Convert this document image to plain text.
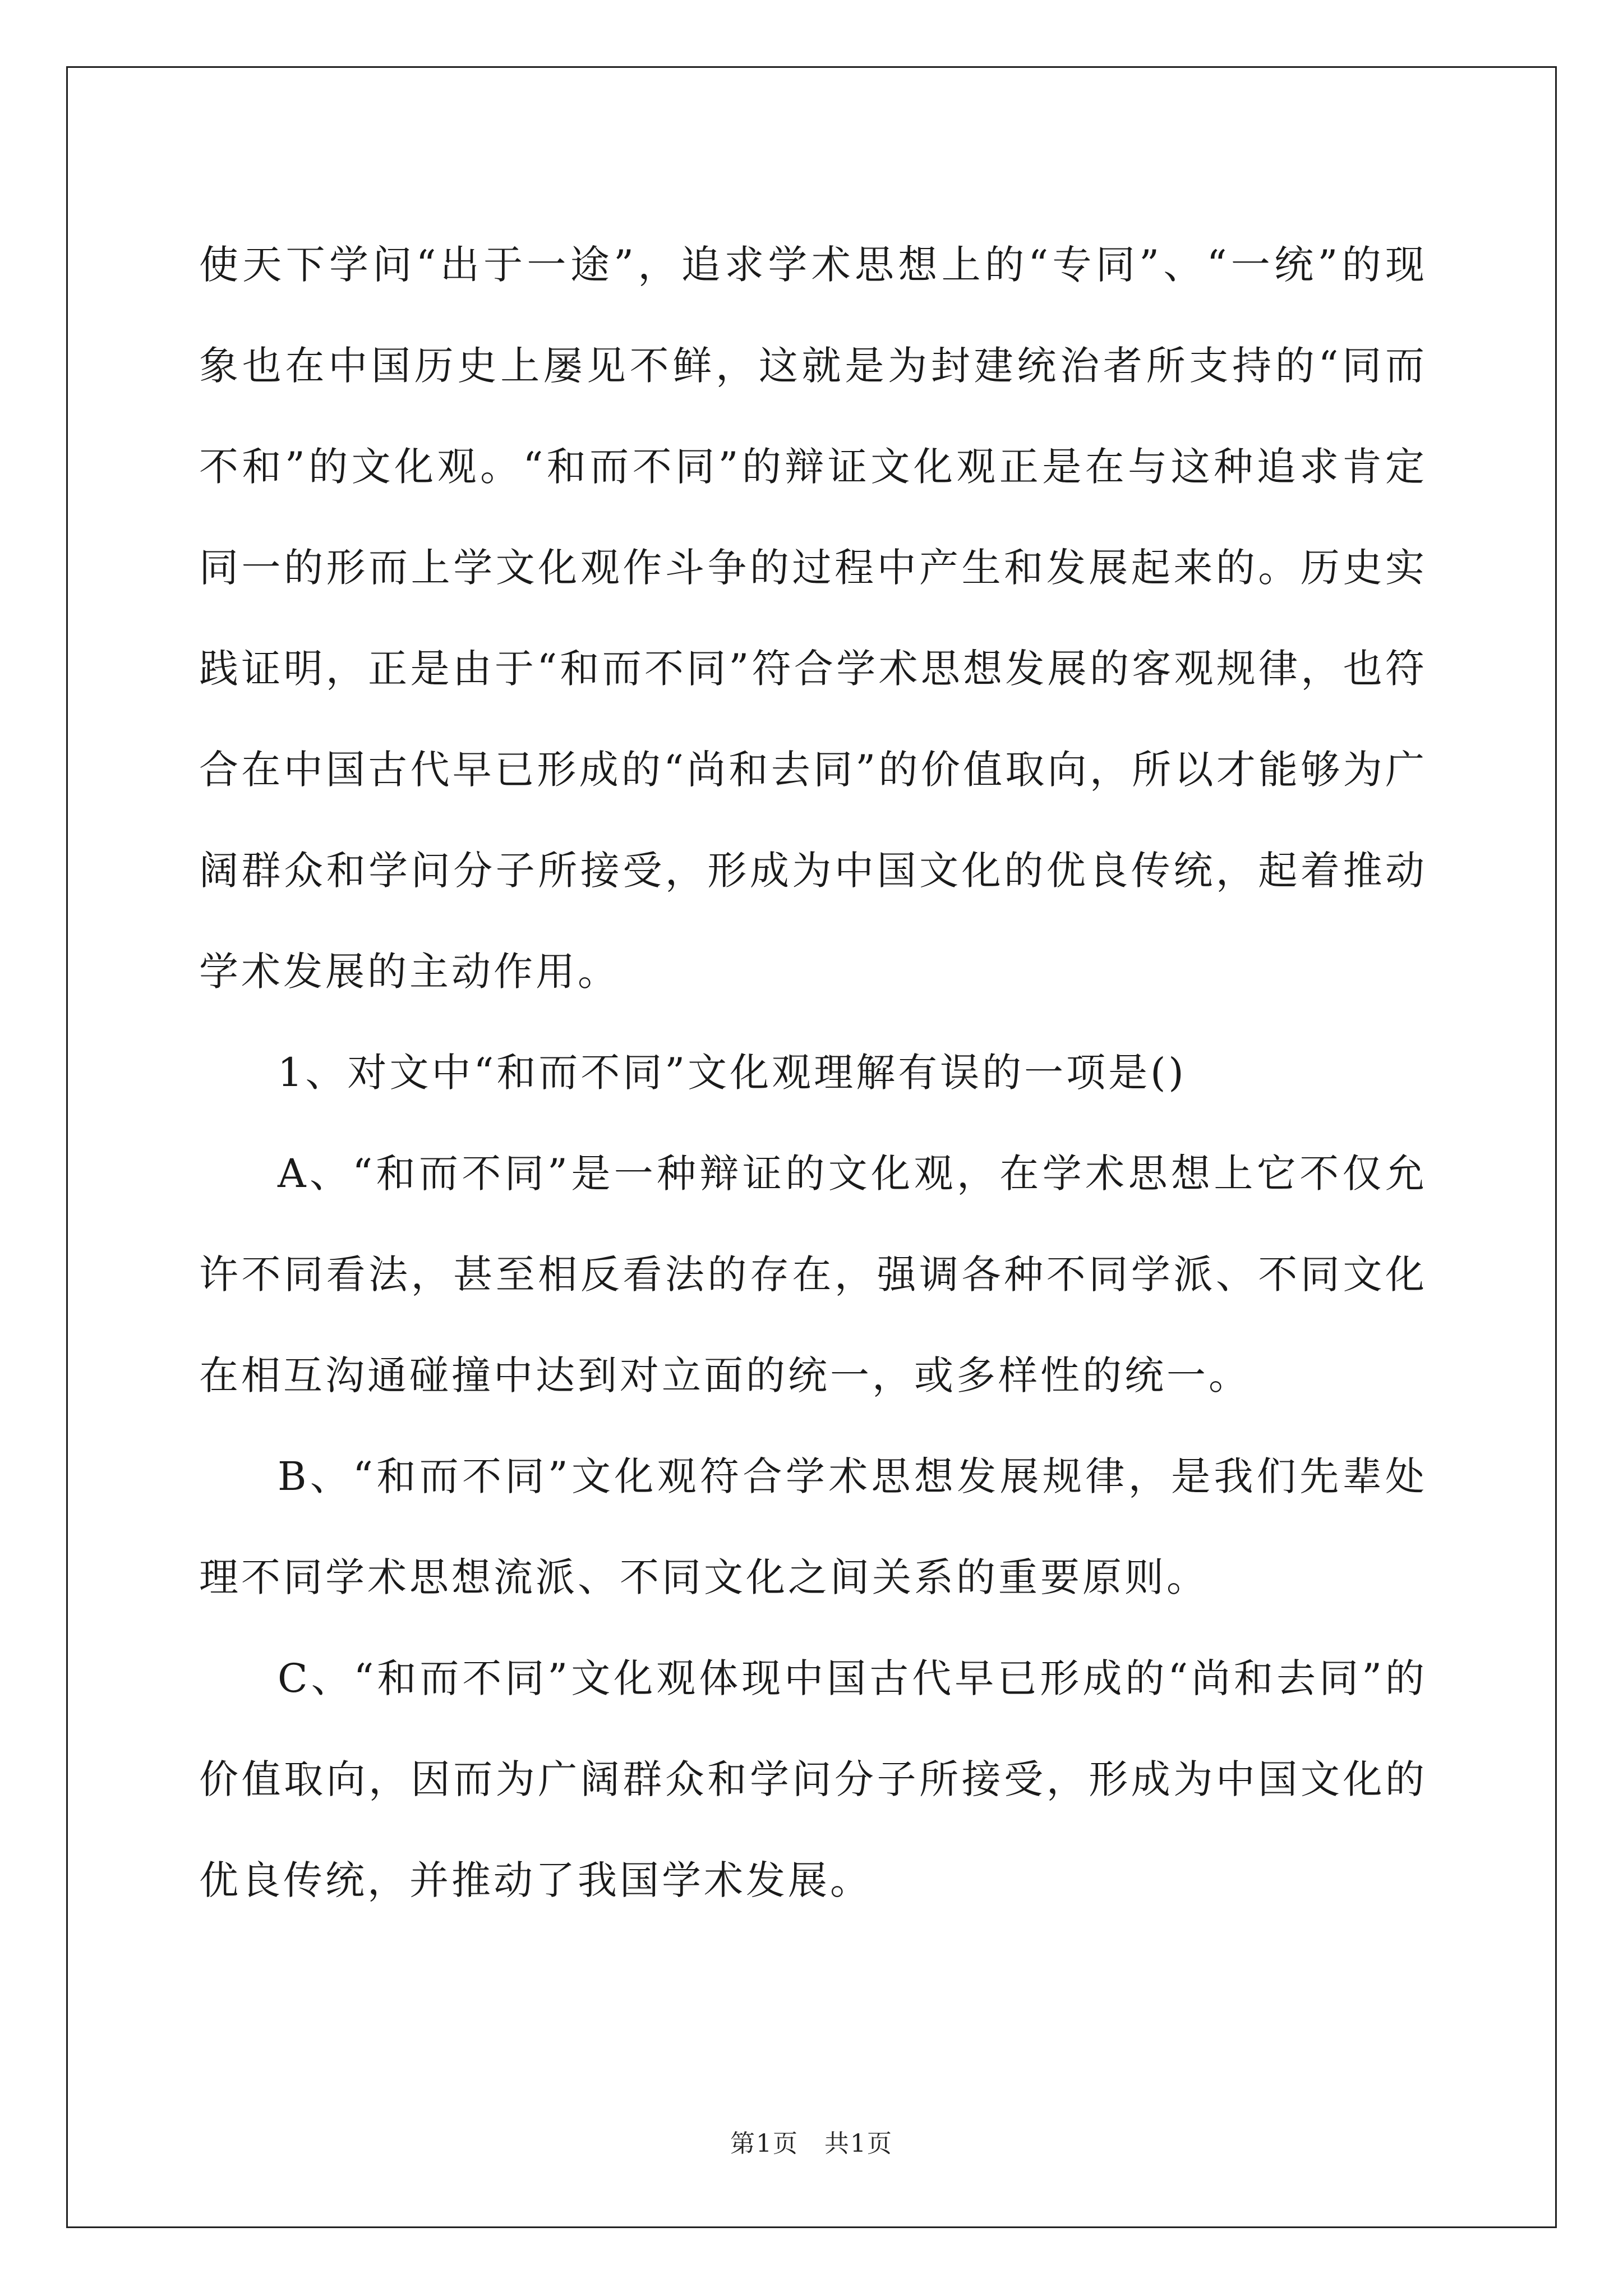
使天下学问“出于一途”，追求学术思想上的“专同”、“一统”的现象也在中国历史上屡见不鲜，这就是为封建统治者所支持的“同而不和”的文化观。“和而不同”的辩证文化观正是在与这种追求肯定同一的形而上学文化观作斗争的过程中产生和发展起来的。历史实践证明，正是由于“和而不同”符合学术思想发展的客观规律，也符合在中国古代早已形成的“尚和去同”的价值取向，所以才能够为广阔群众和学问分子所接受，形成为中国文化的优良传统，起着推动学术发展的主动作用。

1、对文中“和而不同”文化观理解有误的一项是()

A、“和而不同”是一种辩证的文化观，在学术思想上它不仅允许不同看法，甚至相反看法的存在，强调各种不同学派、不同文化在相互沟通碰撞中达到对立面的统一，或多样性的统一。

B、“和而不同”文化观符合学术思想发展规律，是我们先辈处理不同学术思想流派、不同文化之间关系的重要原则。

C、“和而不同”文化观体现中国古代早已形成的“尚和去同”的价值取向，因而为广阔群众和学问分子所接受，形成为中国文化的优良传统，并推动了我国学术发展。

第1页　共1页
